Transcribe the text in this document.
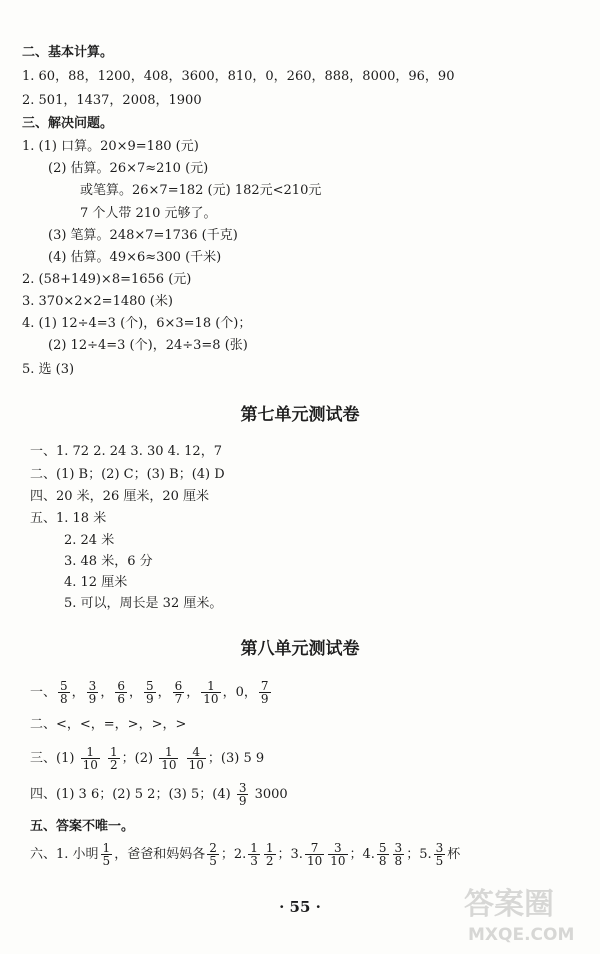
二、基本计算。
1. 60，88，1200，408，3600，810，0，260，888，8000，96，90
2. 501，1437，2008，1900
三、解决问题。
1. (1) 口算。20×9=180 (元)
(2) 估算。26×7≈210 (元)
或笔算。26×7=182 (元) 182元<210元
7 个人带 210 元够了。
(3) 笔算。248×7=1736 (千克)
(4) 估算。49×6≈300 (千米)
2. (58+149)×8=1656 (元)
3. 370×2×2=1480 (米)
4. (1) 12÷4=3 (个)，6×3=18 (个)；
(2) 12÷4=3 (个)，24÷3=8 (张)
5. 选 (3)
第七单元测试卷
一、1. 72 2. 24 3. 30 4. 12，7
二、(1) B；(2) C；(3) B；(4) D
四、20 米，26 厘米，20 厘米
五、1. 18 米
2. 24 米
3. 48 米，6 分
4. 12 厘米
5. 可以，周长是 32 厘米。
第八单元测试卷
一、 $\frac{5}{8}$ ， $\frac{3}{9}$ ， $\frac{6}{6}$ ， $\frac{5}{9}$ ， $\frac{6}{7}$ ， $\frac{1}{10}$ ，0， $\frac{7}{9}$
二、<，<，=，>，>，>
三、$(1) \frac{1}{10}$
$\frac{1}{2}$ ；$(2) \frac{1}{10}$
$\frac{4}{10}$ ；(3) 5 9
四、(1) 3 6；(2) 5 2；(3) 5；$(4) \frac{3}{9} 3000$
五、答案不唯一。
六、1. 小明 $\frac{1}{5}$ ，爸爸和妈妈各 $\frac{2}{5}$ ；2. $\frac{1}{3} \frac{1}{2}$ ；3. $\frac{7}{10} \frac{3}{10}$ ；4. $\frac{5}{8} \frac{3}{8}$ ；5. $\frac{3}{5}$ 杯
· 55 ·	答案圈
MXQE.COM
